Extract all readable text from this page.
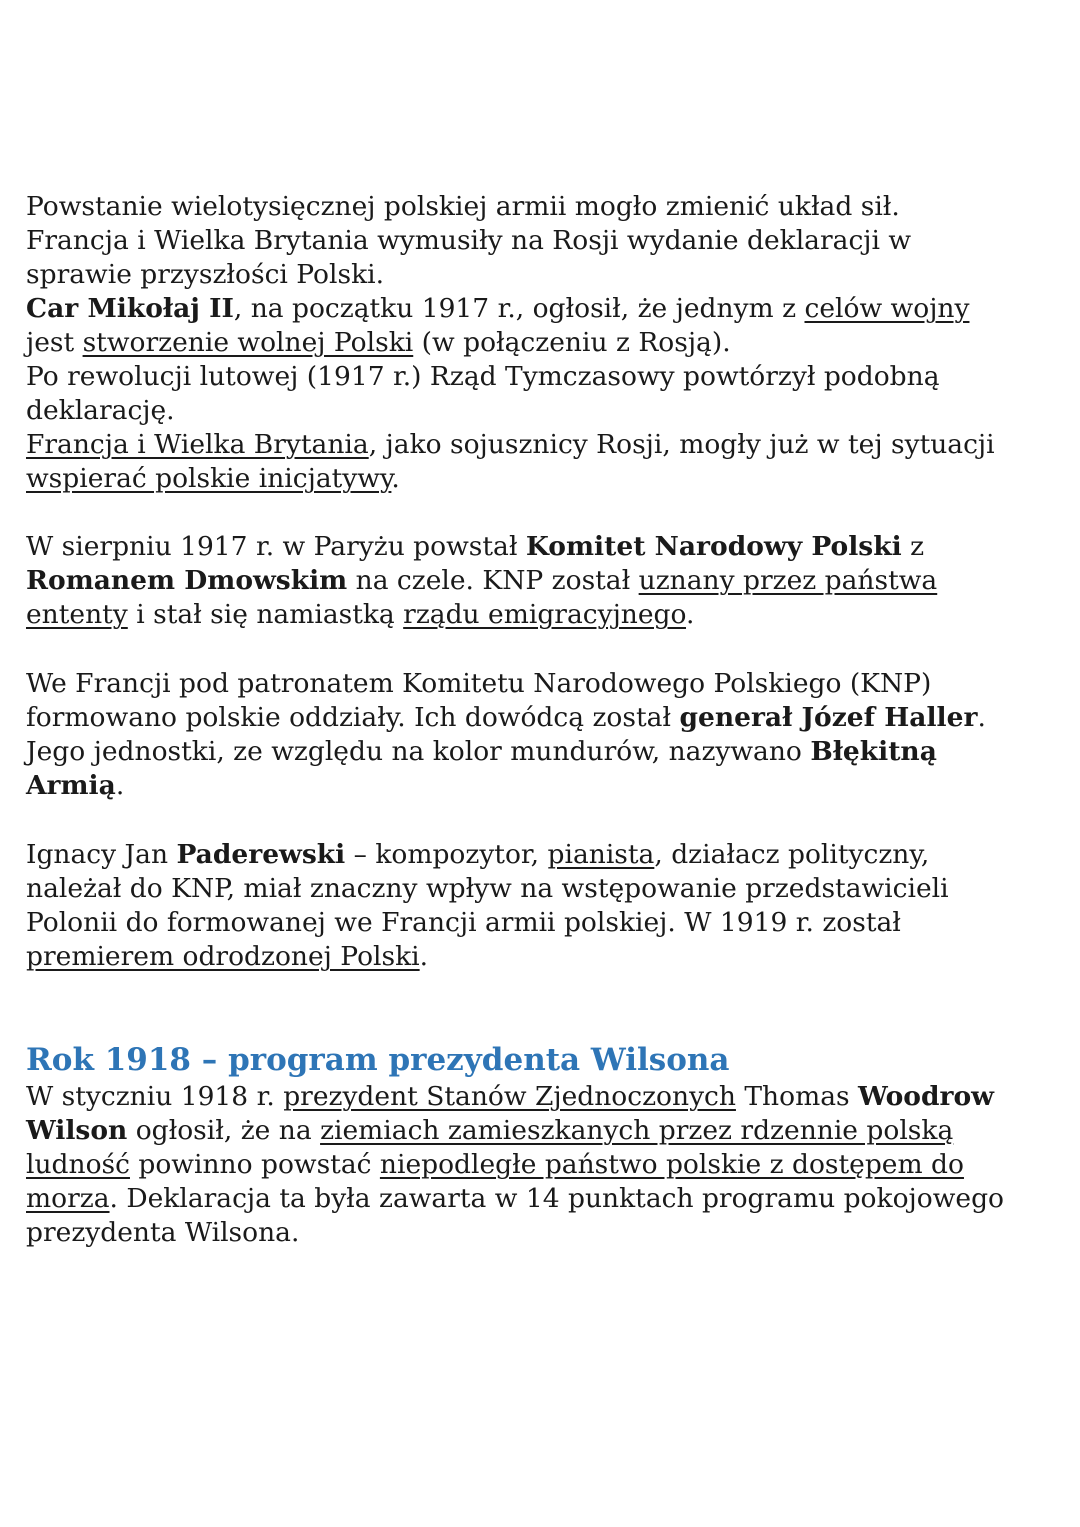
Powstanie wielotysięcznej polskiej armii mogło zmienić układ sił.
Francja i Wielka Brytania wymusiły na Rosji wydanie deklaracji w
sprawie przyszłości Polski.

Car Mikołaj II, na początku 1917 r., ogłosił, że jednym z celów wojny
jest stworzenie wolnej Polski (w połączeniu z Rosją).

Po rewolucji lutowej (1917 r.) Rząd Tymczasowy powtórzył podobną
deklarację.

Francja i Wielka Brytania, jako sojusznicy Rosji, mogły już w tej sytuacji
wspierać polskie inicjatywy.

W sierpniu 1917 r. w Paryżu powstał Komitet Narodowy Polski z
Romanem Dmowskim na czele. KNP został uznany przez państwa
ententy i stał się namiastką rządu emigracyjnego.

We Francji pod patronatem Komitetu Narodowego Polskiego (KNP)
formowano polskie oddziały. Ich dowódcą został generał Józef Haller.
Jego jednostki, ze względu na kolor mundurów, nazywano Błękitną
Armią.

Ignacy Jan Paderewski – kompozytor, pianista, działacz polityczny,
należał do KNP, miał znaczny wpływ na wstępowanie przedstawicieli
Polonii do formowanej we Francji armii polskiej. W 1919 r. został
premierem odrodzonej Polski.

Rok 1918 – program prezydenta Wilsona

W styczniu 1918 r. prezydent Stanów Zjednoczonych Thomas Woodrow
Wilson ogłosił, że na ziemiach zamieszkanych przez rdzennie polską
ludność powinno powstać niepodległe państwo polskie z dostępem do
morza. Deklaracja ta była zawarta w 14 punktach programu pokojowego
prezydenta Wilsona.
